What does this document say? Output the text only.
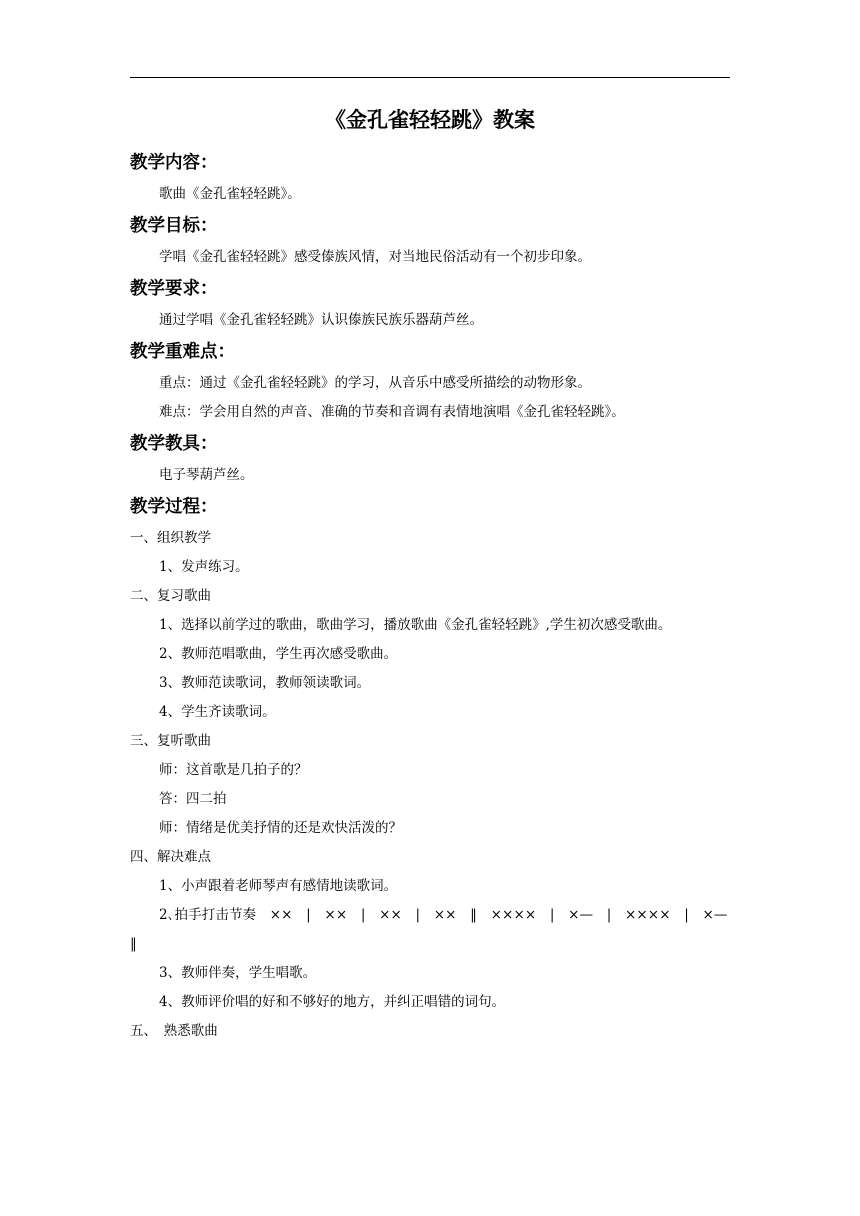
《金孔雀轻轻跳》教案
教学内容：
歌曲《金孔雀轻轻跳》。
教学目标：
学唱《金孔雀轻轻跳》感受傣族风情，对当地民俗活动有一个初步印象。
教学要求：
通过学唱《金孔雀轻轻跳》认识傣族民族乐器葫芦丝。
教学重难点：
重点：通过《金孔雀轻轻跳》的学习，从音乐中感受所描绘的动物形象。
难点：学会用自然的声音、准确的节奏和音调有表情地演唱《金孔雀轻轻跳》。
教学教具：
电子琴葫芦丝。
教学过程：
一、组织教学
1、发声练习。
二、复习歌曲
1、选择以前学过的歌曲，歌曲学习，播放歌曲《金孔雀轻轻跳》,学生初次感受歌曲。
2、教师范唱歌曲，学生再次感受歌曲。
3、教师范读歌词，教师领读歌词。
4、学生齐读歌词。
三、复听歌曲
师：这首歌是几拍子的？
答：四二拍
师：情绪是优美抒情的还是欢快活泼的？
四、解决难点
1、小声跟着老师琴声有感情地读歌词。
2､拍手打击节奏　××　|　××　|　××　|　××　‖　××××　|　×—　|　××××　|　×—　‖
3、教师伴奏，学生唱歌。
4、教师评价唱的好和不够好的地方，并纠正唱错的词句。
五、　熟悉歌曲
